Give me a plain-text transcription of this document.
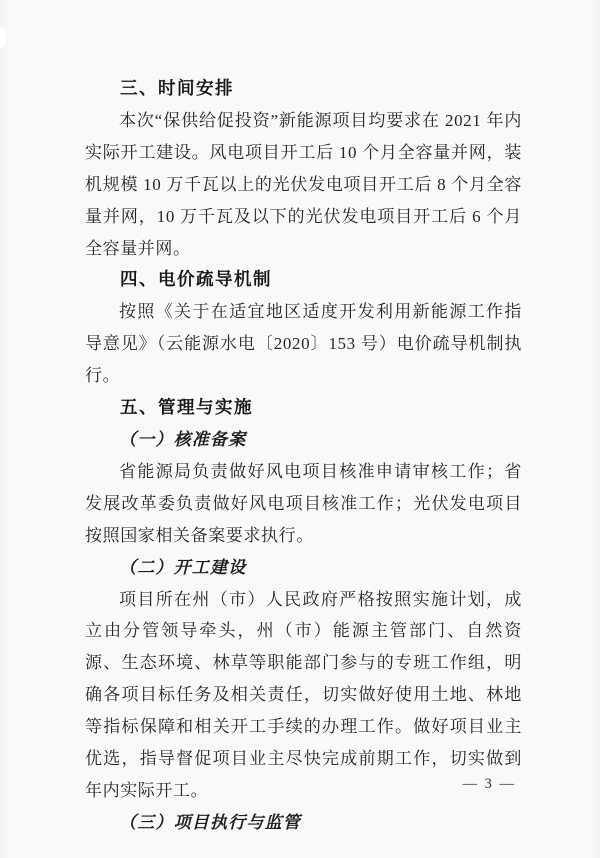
三、时间安排

本次“保供给促投资”新能源项目均要求在 2021 年内实际开工建设。风电项目开工后 10 个月全容量并网，装机规模 10 万千瓦以上的光伏发电项目开工后 8 个月全容量并网，10 万千瓦及以下的光伏发电项目开工后 6 个月全容量并网。

四、电价疏导机制

按照《关于在适宜地区适度开发利用新能源工作指导意见》（云能源水电〔2020〕153 号）电价疏导机制执行。

五、管理与实施
（一）核准备案

省能源局负责做好风电项目核准申请审核工作；省发展改革委负责做好风电项目核准工作；光伏发电项目按照国家相关备案要求执行。

（二）开工建设

项目所在州（市）人民政府严格按照实施计划，成立由分管领导牵头，州（市）能源主管部门、自然资源、生态环境、林草等职能部门参与的专班工作组，明确各项目标任务及相关责任，切实做好使用土地、林地等指标保障和相关开工手续的办理工作。做好项目业主优选，指导督促项目业主尽快完成前期工作，切实做到年内实际开工。

（三）项目执行与监管
— 3 —
